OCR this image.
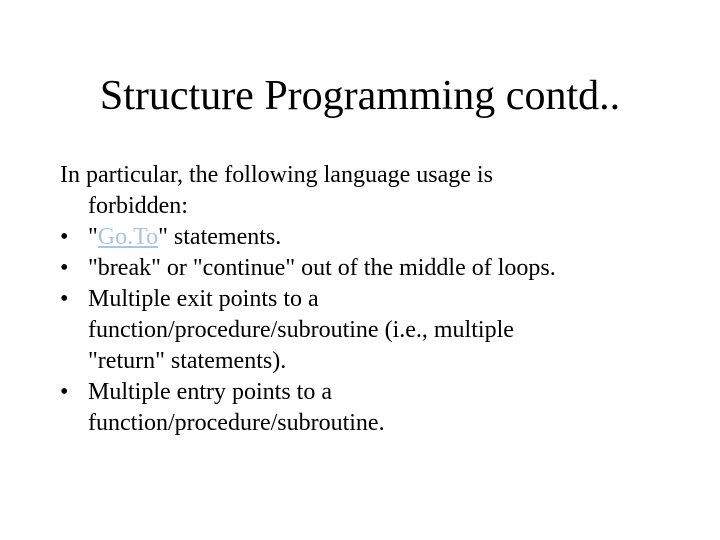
Structure Programming contd..
In particular, the following language usage is
forbidden:
• "Go.To" statements.
• "break" or "continue" out of the middle of loops.
• Multiple exit points to a
function/procedure/subroutine (i.e., multiple
"return" statements).
• Multiple entry points to a
function/procedure/subroutine.
